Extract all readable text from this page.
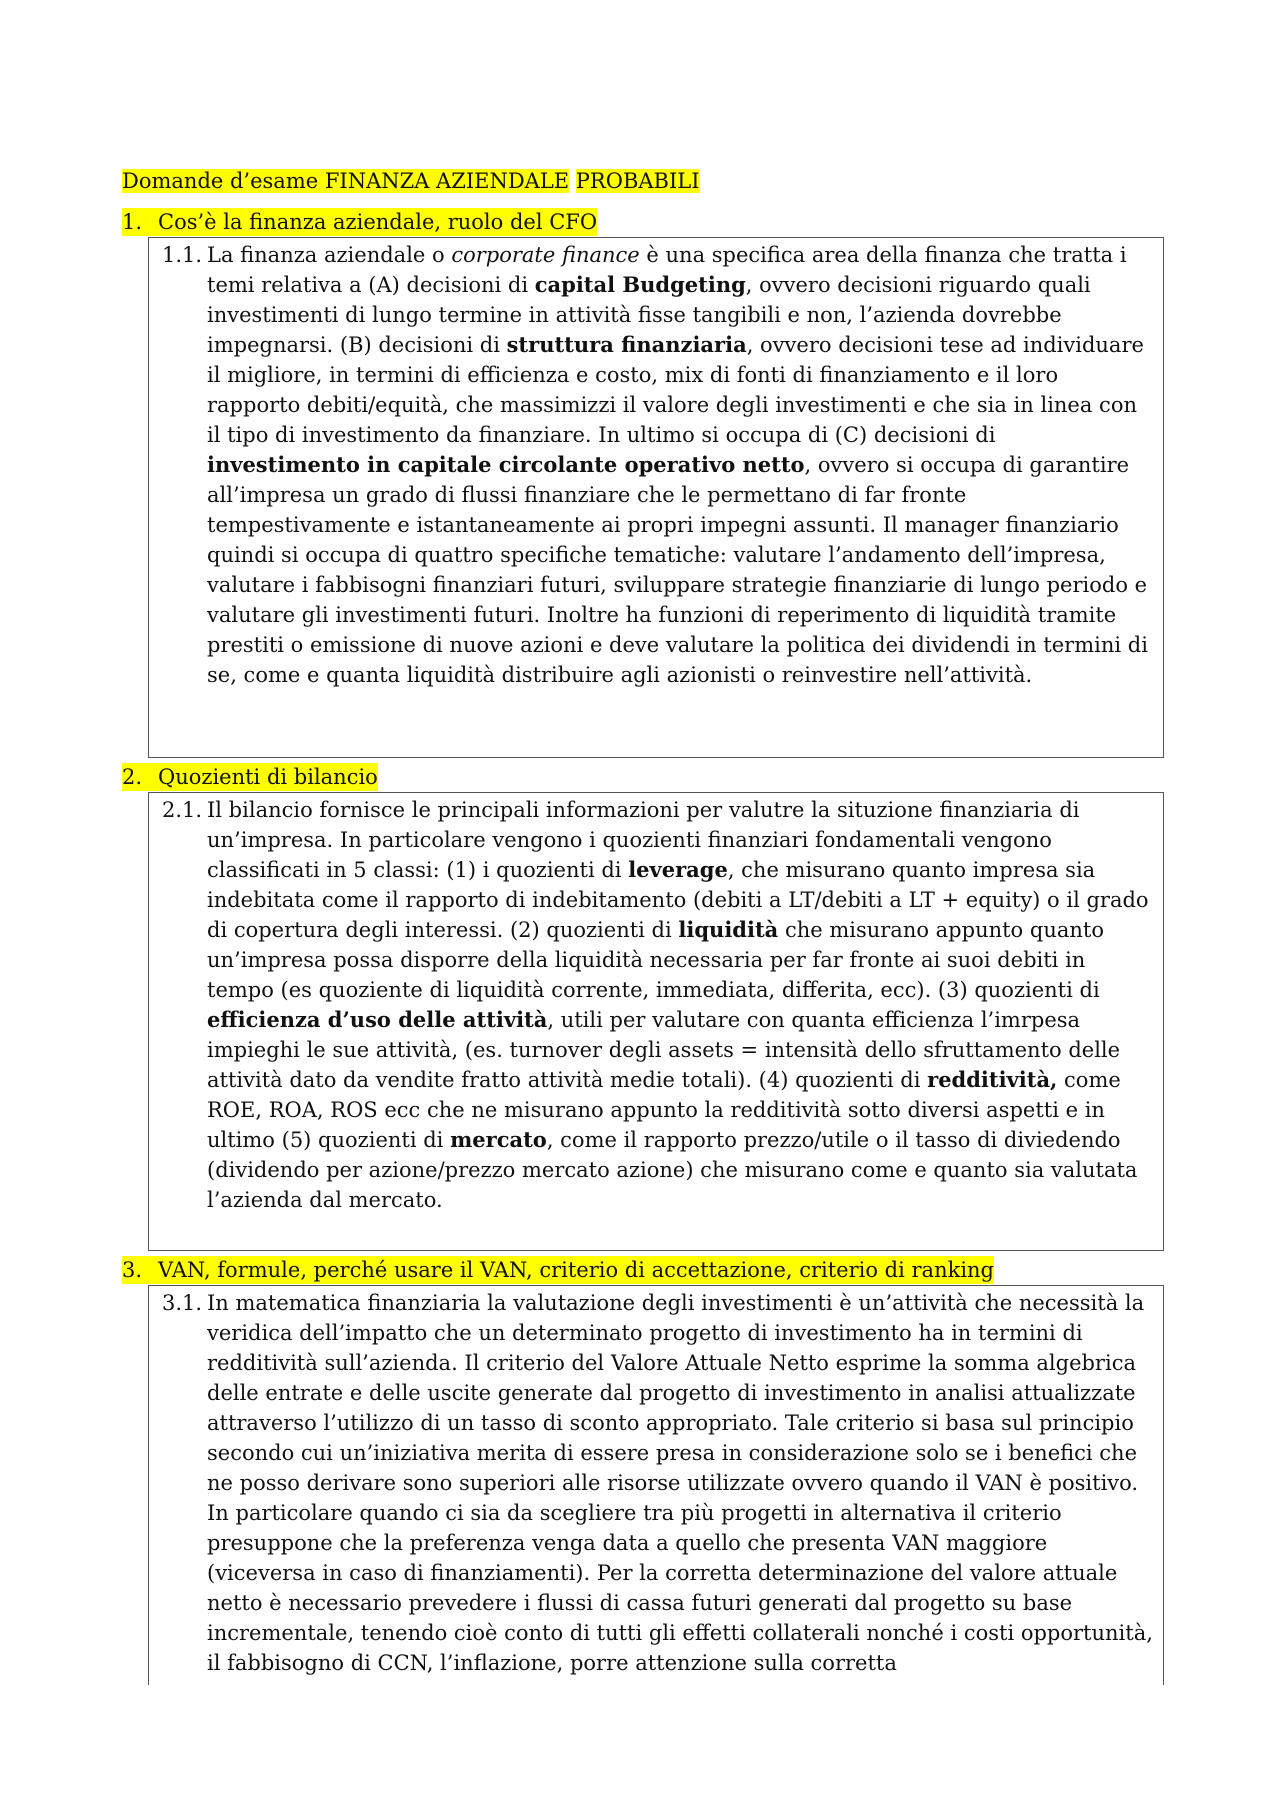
Domande d’esame FINANZA AZIENDALE PROBABILI
1. Cos’è la finanza aziendale, ruolo del CFO
1.1. La finanza aziendale o corporate finance è una specifica area della finanza che tratta i temi relativa a (A) decisioni di capital Budgeting, ovvero decisioni riguardo quali investimenti di lungo termine in attività fisse tangibili e non, l’azienda dovrebbe impegnarsi. (B) decisioni di struttura finanziaria, ovvero decisioni tese ad individuare il migliore, in termini di efficienza e costo, mix di fonti di finanziamento e il loro rapporto debiti/equità, che massimizzi il valore degli investimenti e che sia in linea con il tipo di investimento da finanziare. In ultimo si occupa di (C) decisioni di investimento in capitale circolante operativo netto, ovvero si occupa di garantire all’impresa un grado di flussi finanziare che le permettano di far fronte tempestivamente e istantaneamente ai propri impegni assunti. Il manager finanziario quindi si occupa di quattro specifiche tematiche: valutare l’andamento dell’impresa, valutare i fabbisogni finanziari futuri, sviluppare strategie finanziarie di lungo periodo e valutare gli investimenti futuri. Inoltre ha funzioni di reperimento di liquidità tramite prestiti o emissione di nuove azioni e deve valutare la politica dei dividendi in termini di se, come e quanta liquidità distribuire agli azionisti o reinvestire nell’attività.
2. Quozienti di bilancio
2.1. Il bilancio fornisce le principali informazioni per valutre la situzione finanziaria di un’impresa. In particolare vengono i quozienti finanziari fondamentali vengono classificati in 5 classi: (1) i quozienti di leverage, che misurano quanto impresa sia indebitata come il rapporto di indebitamento (debiti a LT/debiti a LT + equity) o il grado di copertura degli interessi. (2) quozienti di liquidità che misurano appunto quanto un’impresa possa disporre della liquidità necessaria per far fronte ai suoi debiti in tempo (es quoziente di liquidità corrente, immediata, differita, ecc). (3) quozienti di efficienza d’uso delle attività, utili per valutare con quanta efficienza l’imrpesa impieghi le sue attività, (es. turnover degli assets = intensità dello sfruttamento delle attività dato da vendite fratto attività medie totali). (4) quozienti di redditività, come ROE, ROA, ROS ecc che ne misurano appunto la redditività sotto diversi aspetti e in ultimo (5) quozienti di mercato, come il rapporto prezzo/utile o il tasso di diviedendo (dividendo per azione/prezzo mercato azione) che misurano come e quanto sia valutata l’azienda dal mercato.
3. VAN, formule, perché usare il VAN, criterio di accettazione, criterio di ranking
3.1. In matematica finanziaria la valutazione degli investimenti è un’attività che necessità la veridica dell’impatto che un determinato progetto di investimento ha in termini di redditività sull’azienda. Il criterio del Valore Attuale Netto esprime la somma algebrica delle entrate e delle uscite generate dal progetto di investimento in analisi attualizzate attraverso l’utilizzo di un tasso di sconto appropriato. Tale criterio si basa sul principio secondo cui un’iniziativa merita di essere presa in considerazione solo se i benefici che ne posso derivare sono superiori alle risorse utilizzate ovvero quando il VAN è positivo. In particolare quando ci sia da scegliere tra più progetti in alternativa il criterio presuppone che la preferenza venga data a quello che presenta VAN maggiore (viceversa in caso di finanziamenti). Per la corretta determinazione del valore attuale netto è necessario prevedere i flussi di cassa futuri generati dal progetto su base incrementale, tenendo cioè conto di tutti gli effetti collaterali nonché i costi opportunità, il fabbisogno di CCN, l’inflazione, porre attenzione sulla corretta
